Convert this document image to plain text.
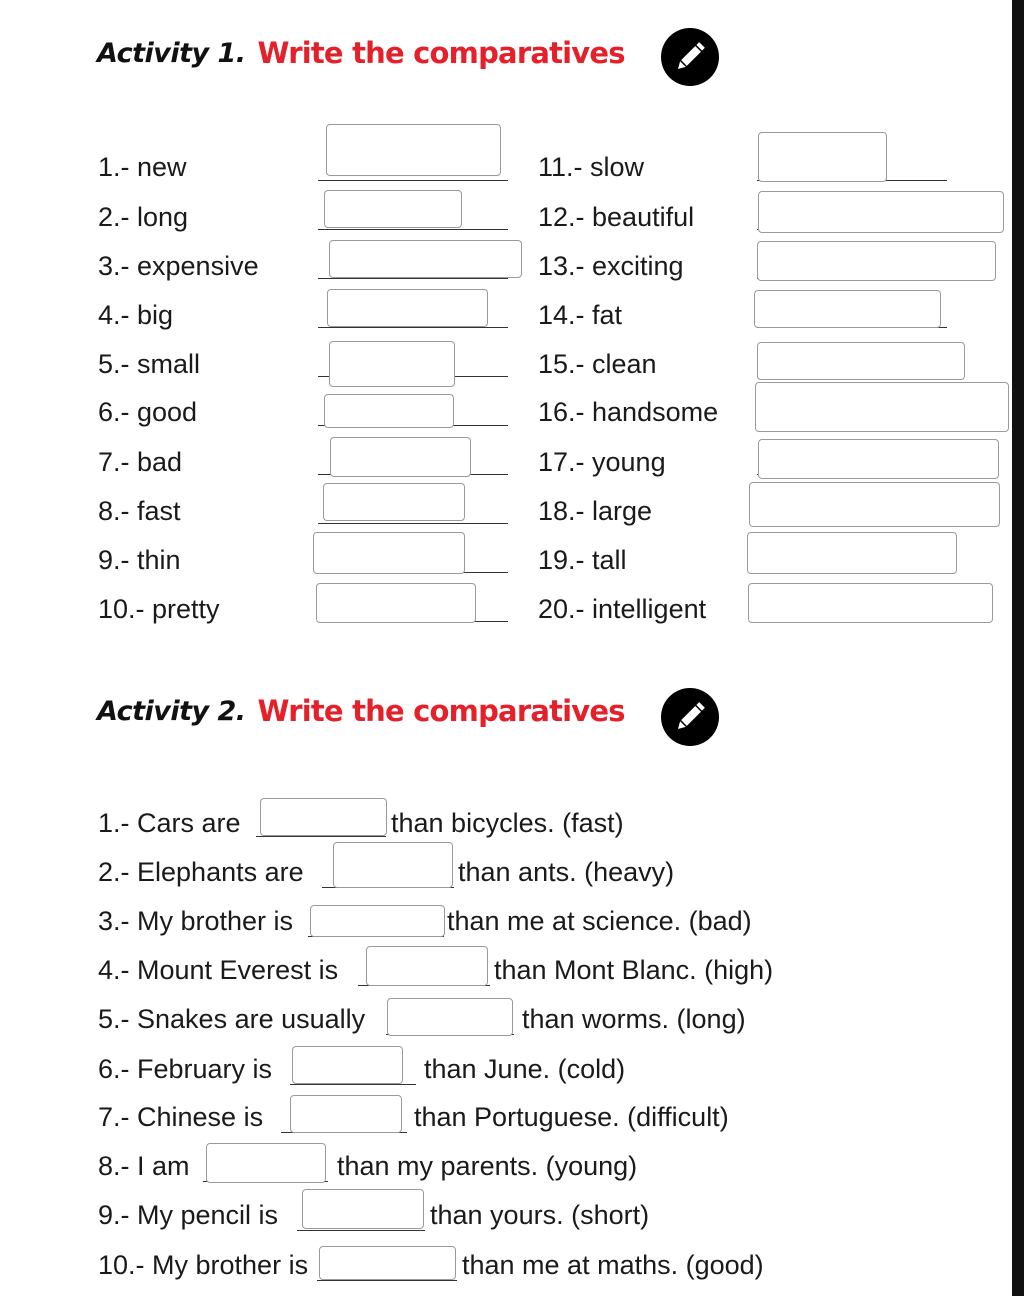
Activity 1. Write the comparatives
1.- new
2.- long
3.- expensive
4.- big
5.- small
6.- good
7.- bad
8.- fast
9.- thin
10.- pretty
11.- slow
12.- beautiful
13.- exciting
14.- fat
15.- clean
16.- handsome
17.- young
18.- large
19.- tall
20.- intelligent
Activity 2. Write the comparatives
1.- Cars are	than bicycles. (fast)
2.- Elephants are	than ants. (heavy)
3.- My brother is	than me at science. (bad)
4.- Mount Everest is	than Mont Blanc. (high)
5.- Snakes are usually	than worms. (long)
6.- February is	than June. (cold)
7.- Chinese is	than Portuguese. (difficult)
8.- I am	than my parents. (young)
9.- My pencil is	than yours. (short)
10.- My brother is	than me at maths. (good)
